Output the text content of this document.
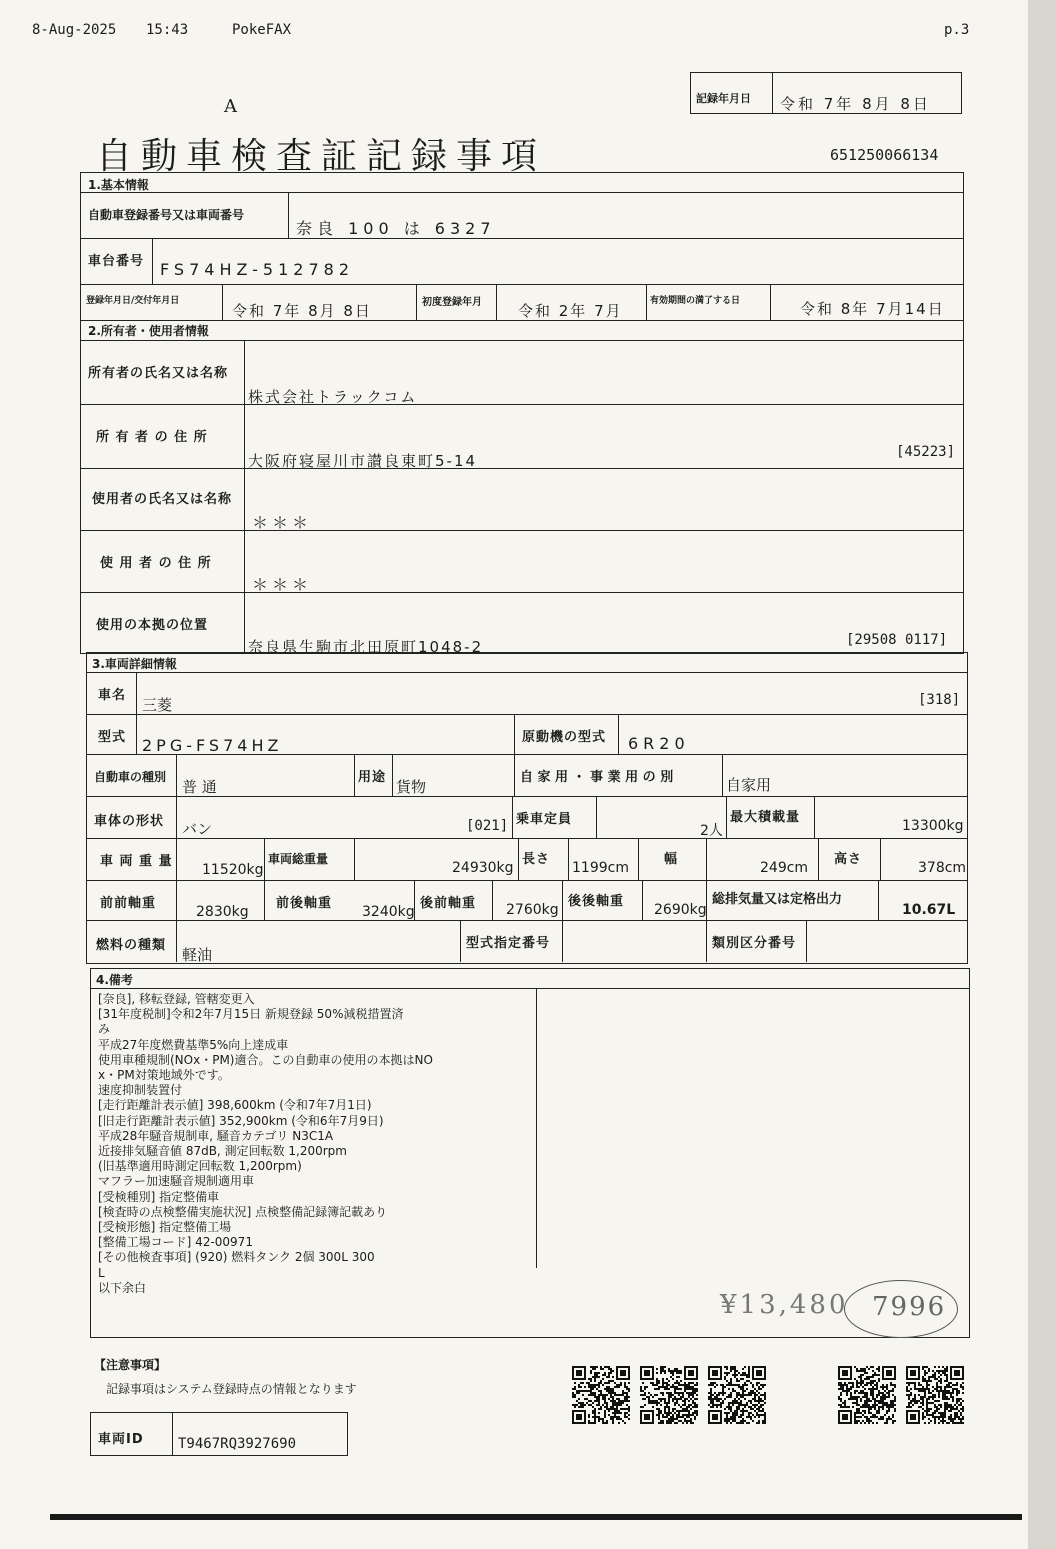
8-Aug-2025 15:43	PokeFAX	p.3
記録年月日 令和 7年 8月 8日
A
自動車検査証記録事項	651250066134
1.基本情報
自動車登録番号又は車両番号
奈良 100 は 6327
車台番号 FS74HZ-512782
登録年月日/交付年月日
令和 7年 8月 8日	初度登録年月 令和 2年 7月
有効期間の満了する日	令和 8年 7月14日
2.所有者・使用者情報
所有者の氏名又は名称
株式会社トラックコム
所 有 者 の 住 所
大阪府寝屋川市讃良東町5-14	[45223]
使用者の氏名又は名称
＊＊＊
使 用 者 の 住 所
＊＊＊
使用の本拠の位置
奈良県生駒市北田原町1048-2	[29508 0117]
3.車両詳細情報
車名
三菱	[318]
型式 2PG-FS74HZ	原動機の型式 6R20
自動車の種別
普 通
用途
貨物
自 家 用 ・ 事 業 用 の 別	自家用
車体の形状 バン	[021] 乗車定員
2人
最大積載量
13300kg
車 両 重 量
11520kg
車両総重量
24930kg
長さ
1199cm
幅
249cm
高さ
378cm
前前軸重
2830kg
前後軸重
3240kg
後前軸重 2760kg
後後軸重
2690kg
総排気量又は定格出力
10.67L
燃料の種類
軽油
型式指定番号	類別区分番号
4.備考
[奈良], 移転登録, 管轄変更入
[31年度税制]令和2年7月15日 新規登録 50%減税措置済
み
平成27年度燃費基準5%向上達成車
使用車種規制(NOx・PM)適合。この自動車の使用の本拠はNO
x・PM対策地域外です。
速度抑制装置付
[走行距離計表示値] 398,600km (令和7年7月1日)
[旧走行距離計表示値] 352,900km (令和6年7月9日)
平成28年騒音規制車, 騒音カテゴリ N3C1A
近接排気騒音値 87dB, 測定回転数 1,200rpm
(旧基準適用時測定回転数 1,200rpm)
マフラー加速騒音規制適用車
[受検種別] 指定整備車
[検査時の点検整備実施状況] 点検整備記録簿記載あり
[受検形態] 指定整備工場
[整備工場コード] 42-00971
[その他検査事項] (920) 燃料タンク 2個 300L 300
L
以下余白
¥13,480 7996
【注意事項】
記録事項はシステム登録時点の情報となります
車両ID T9467RQ3927690
